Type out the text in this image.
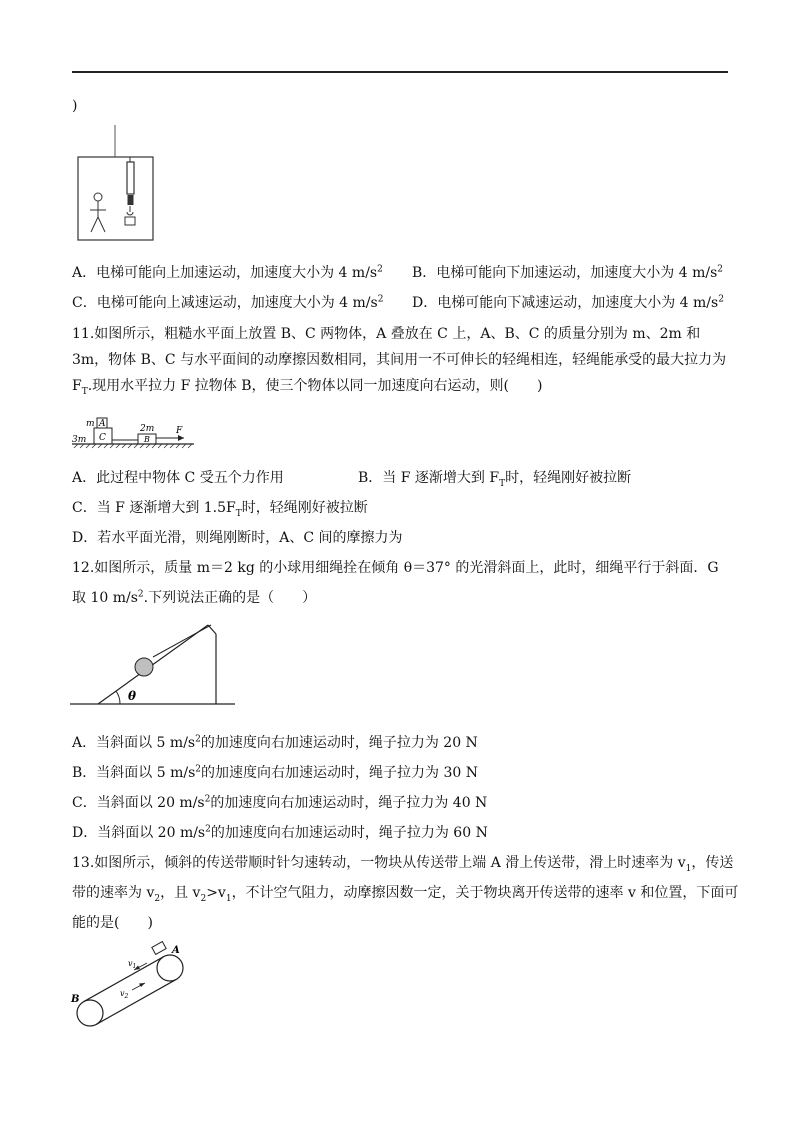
)
A．电梯可能向上加速运动，加速度大小为 4 $m/s^2$ B．电梯可能向下加速运动，加速度大小为 4 $m/s^2$
C．电梯可能向上减速运动，加速度大小为 4 $m/s^2$ D．电梯可能向下减速运动，加速度大小为 4 $m/s^2$
11.如图所示，粗糙水平面上放置 B、C 两物体，A 叠放在 C 上，A、B、C 的质量分别为 m、2m 和 3m，物体 B、C 与水平面间的动摩擦因数相同，其间用一不可伸长的轻绳相连，轻绳能承受的最大拉力为 $F_T$.现用水平拉力 F 拉物体 B，使三个物体以同一加速度向右运动，则(　　)
m A
3m C
2m
B
F
A．此过程中物体 C 受五个力作用	B．当 F 逐渐增大到 $F_T$时，轻绳刚好被拉断
C．当 F 逐渐增大到 $1.5F_T$时，轻绳刚好被拉断
D．若水平面光滑，则绳刚断时，A、C 间的摩擦力为
12.如图所示，质量 m＝2 kg 的小球用细绳拴在倾角 θ＝37° 的光滑斜面上，此时，细绳平行于斜面．G
取 10 $m/s^2$.下列说法正确的是（　　）
θ
A．当斜面以 5 $m/s^2$的加速度向右加速运动时，绳子拉力为 20 N
B．当斜面以 5 $m/s^2$的加速度向右加速运动时，绳子拉力为 30 N
C．当斜面以 20 $m/s^2$的加速度向右加速运动时，绳子拉力为 40 N
D．当斜面以 20 $m/s^2$的加速度向右加速运动时，绳子拉力为 60 N
13.如图所示，倾斜的传送带顺时针匀速转动，一物块从传送带上端 A 滑上传送带，滑上时速率为 $v_1$，传送
带的速率为 $v_2$，且 $v_2>v_1$，不计空气阻力，动摩擦因数一定，关于物块离开传送带的速率 v 和位置，下面可
能的是(　　)
A
B
$v_1$
$v_2$
